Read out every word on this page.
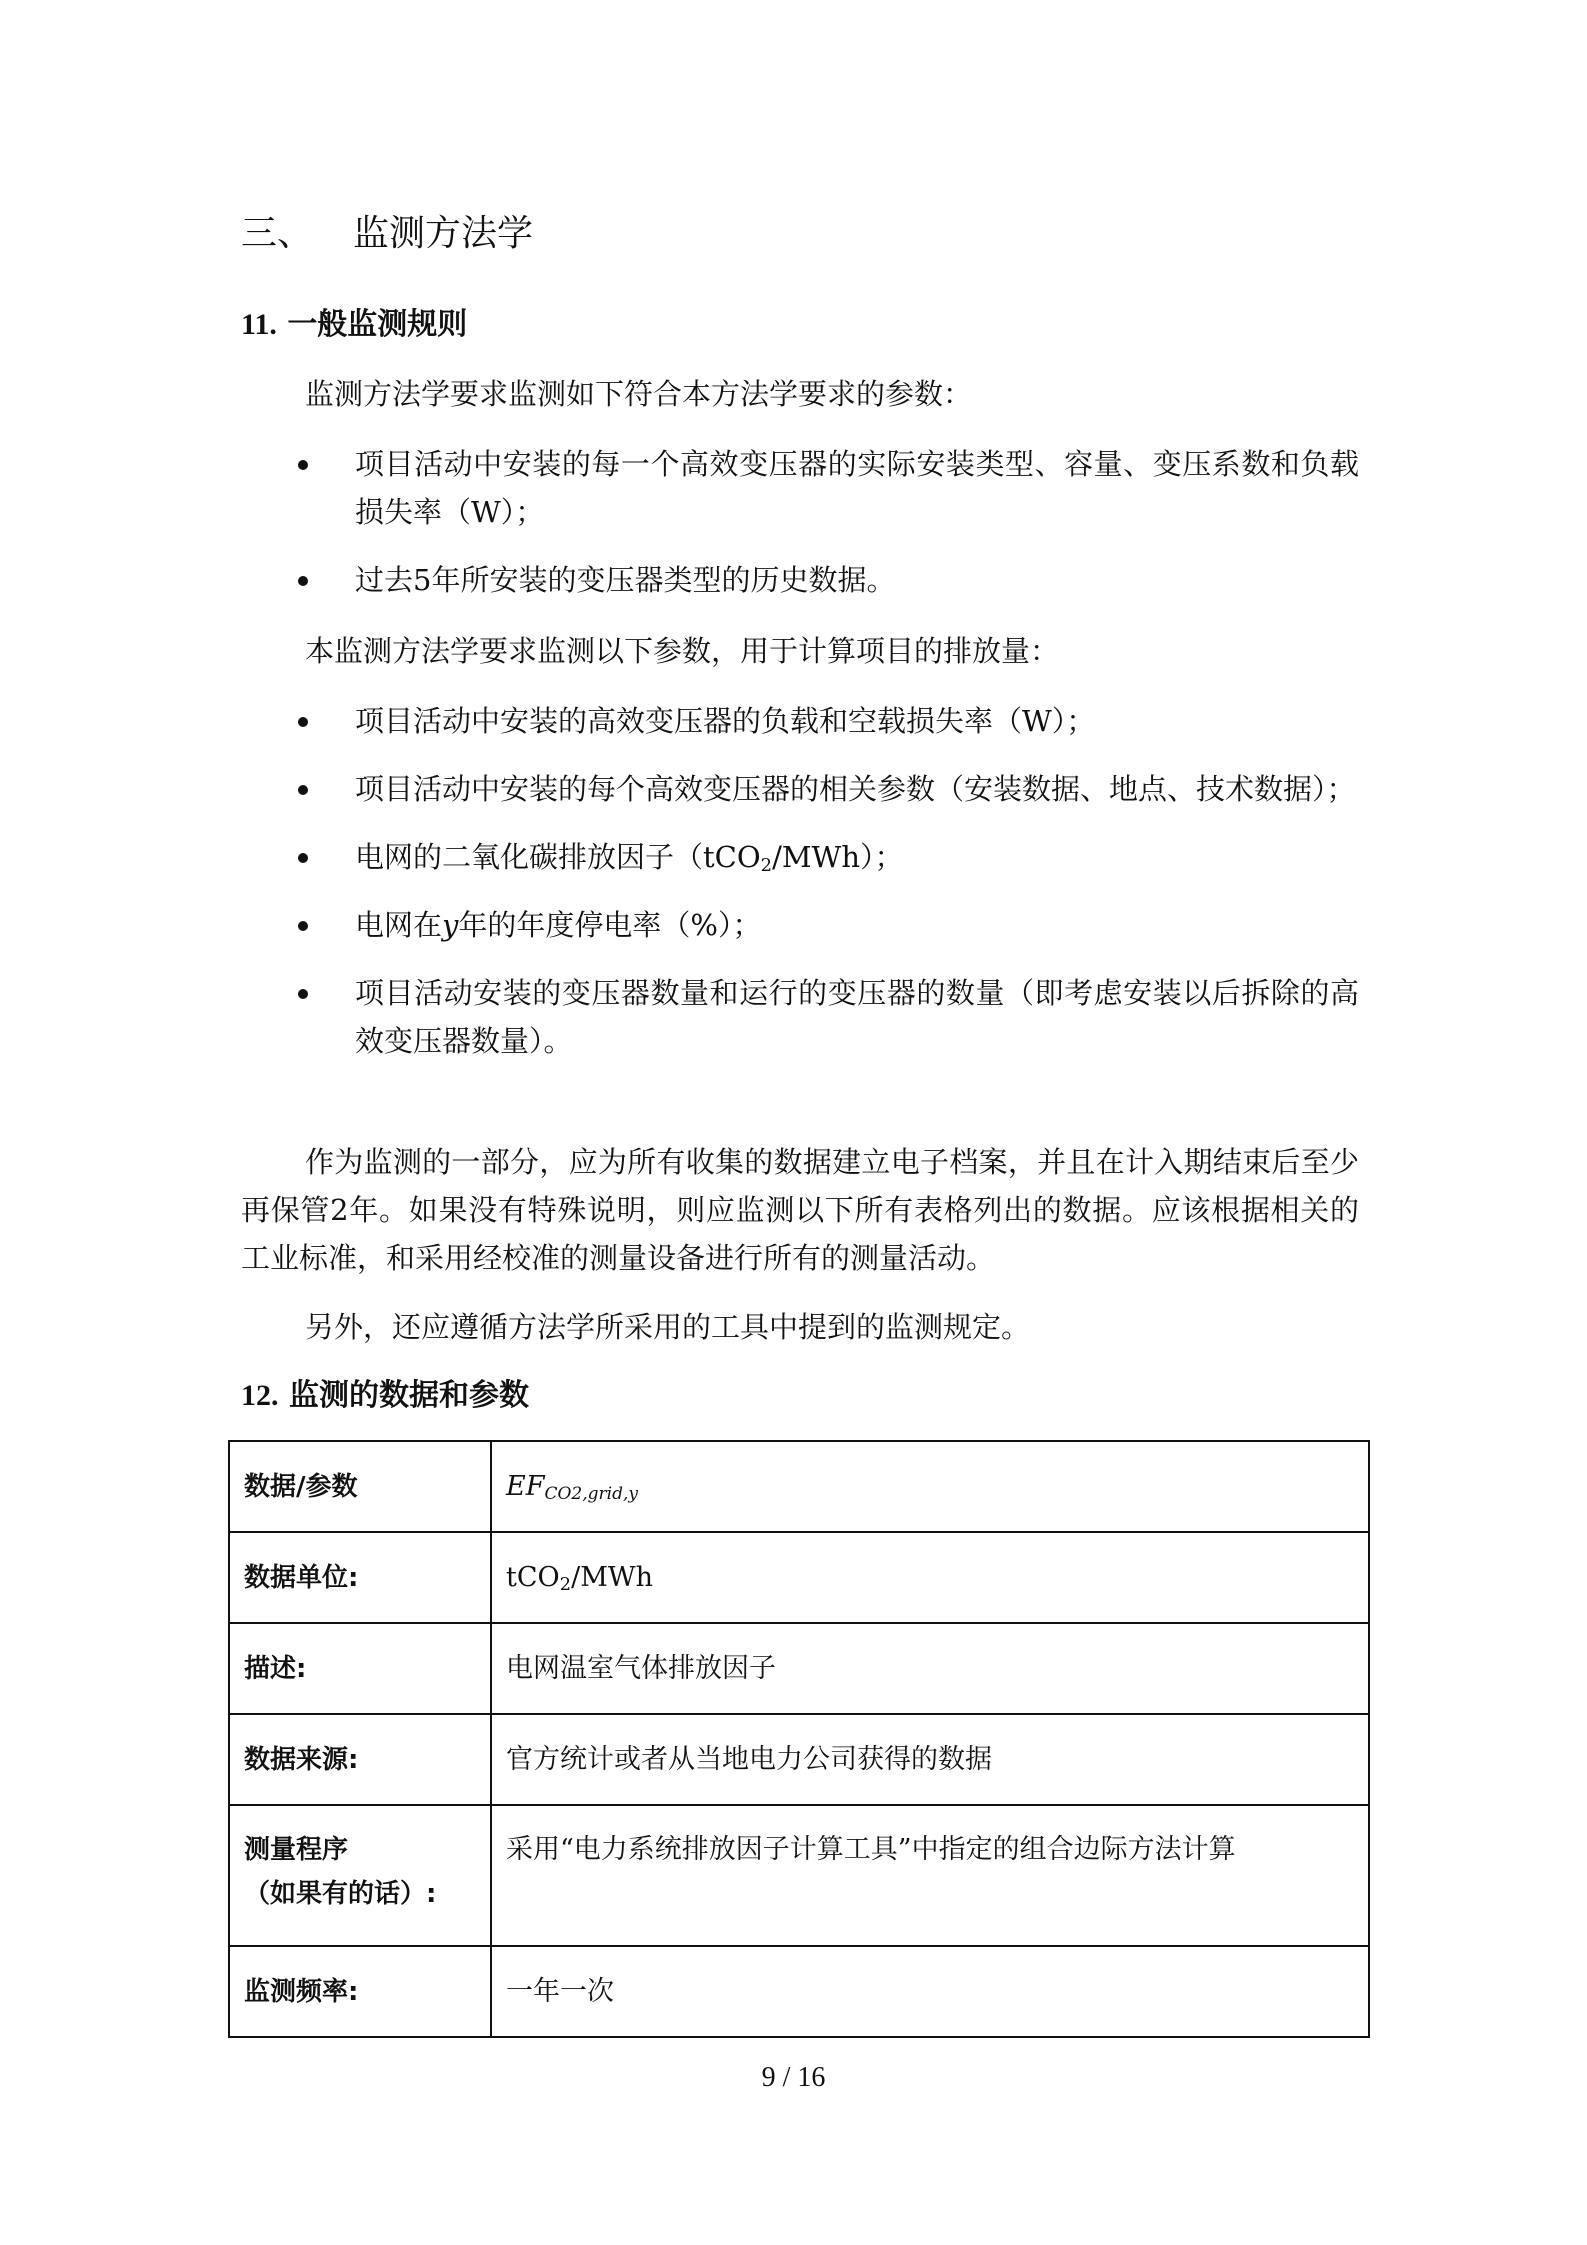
三、 监测方法学
11. 一般监测规则

监测方法学要求监测如下符合本方法学要求的参数：

项目活动中安装的每一个高效变压器的实际安装类型、容量、变压系数和负载损失率（W）；
过去5年所安装的变压器类型的历史数据。

本监测方法学要求监测以下参数，用于计算项目的排放量：

项目活动中安装的高效变压器的负载和空载损失率（W）；
项目活动中安装的每个高效变压器的相关参数（安装数据、地点、技术数据）；
电网的二氧化碳排放因子（tCO$_2$/MWh）；
电网在y年的年度停电率（%）；
项目活动安装的变压器数量和运行的变压器的数量（即考虑安装以后拆除的高效变压器数量）。

作为监测的一部分，应为所有收集的数据建立电子档案，并且在计入期结束后至少再保管2年。如果没有特殊说明，则应监测以下所有表格列出的数据。应该根据相关的工业标准，和采用经校准的测量设备进行所有的测量活动。

另外，还应遵循方法学所采用的工具中提到的监测规定。

12. 监测的数据和参数
数据/参数	$EF_{CO2,grid,y}$
数据单位:	tCO$_2$/MWh
描述:	电网温室气体排放因子
数据来源:	官方统计或者从当地电力公司获得的数据

测量程序
（如果有的话）:	采用“电力系统排放因子计算工具”中指定的组合边际方法计算
监测频率:	一年一次
9 / 16
